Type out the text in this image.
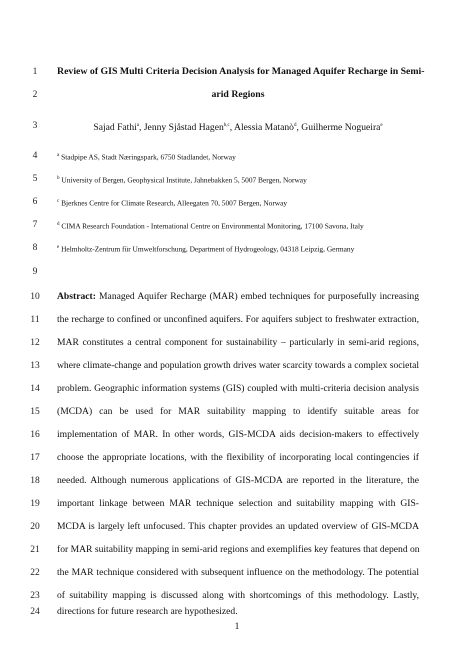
1	Review of GIS Multi Criteria Decision Analysis for Managed Aquifer Recharge in Semi-
2	arid Regions
3	Sajad Fathi$^a$, Jenny Sjåstad Hagen$^{b,c}$, Alessia Matanò$^d$, Guilherme Nogueira$^e$
4	$^a$ Stadpipe AS, Stadt Næringspark, 6750 Stadlandet, Norway
5	$^b$ University of Bergen, Geophysical Institute, Jahnebakken 5, 5007 Bergen, Norway
6	$^c$ Bjerknes Centre for Climate Research, Alleegaten 70, 5007 Bergen, Norway
7	$^d$ CIMA Research Foundation - International Centre on Environmental Monitoring, 17100 Savona, Italy
8	$^e$ Helmholtz-Zentrum für Umweltforschung, Department of Hydrogeology, 04318 Leipzig, Germany
9
10	Abstract: Managed Aquifer Recharge (MAR) embed techniques for purposefully increasing
11	the recharge to confined or unconfined aquifers. For aquifers subject to freshwater extraction,
12	MAR constitutes a central component for sustainability – particularly in semi-arid regions,
13	where climate-change and population growth drives water scarcity towards a complex societal
14	problem. Geographic information systems (GIS) coupled with multi-criteria decision analysis
15	(MCDA) can be used for MAR suitability mapping to identify suitable areas for
16	implementation of MAR. In other words, GIS-MCDA aids decision-makers to effectively
17	choose the appropriate locations, with the flexibility of incorporating local contingencies if
18	needed. Although numerous applications of GIS-MCDA are reported in the literature, the
19	important linkage between MAR technique selection and suitability mapping with GIS-
20	MCDA is largely left unfocused. This chapter provides an updated overview of GIS-MCDA
21	for MAR suitability mapping in semi-arid regions and exemplifies key features that depend on
22	the MAR technique considered with subsequent influence on the methodology. The potential
23	of suitability mapping is discussed along with shortcomings of this methodology. Lastly,
24	directions for future research are hypothesized.
1
